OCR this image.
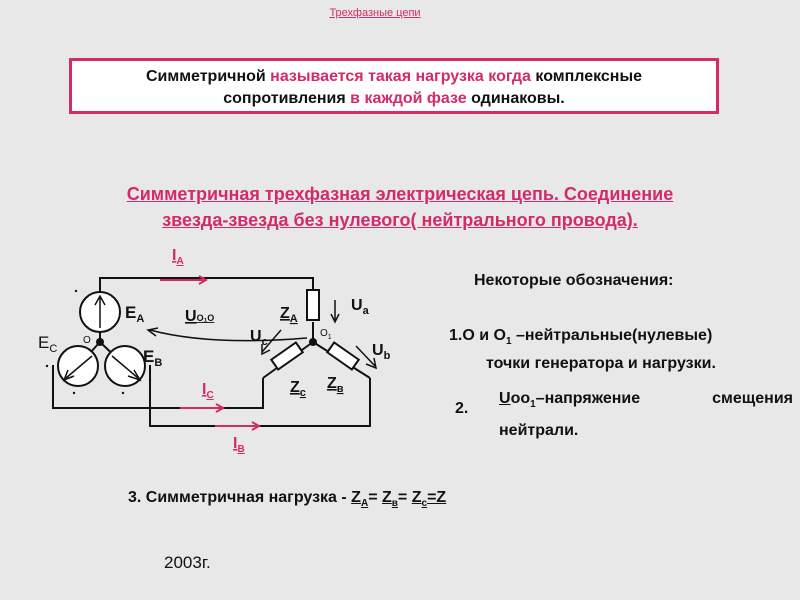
Трехфазные цепи
Симметричной называется такая нагрузка когда комплексные
сопротивления в каждой фазе одинаковы.
Симметричная трехфазная электрическая цепь. Соединение
звезда-звезда без нулевого( нейтрального провода).
$E_A$
$E_B$
$E_C$
$I_A$
$I_C$
$I_B$
UO₁O
$U_c$
$U_a$
$U_b$
$Z_A$
$Z_c$
$Z_в$
O
$O_1$
Некоторые обозначения:
1.O и $O_1$ –нейтральные(нулевые)
точки генератора и нагрузки.
2.
Uоо$_1$–напряжение смещения нейтрали.
3. Симметричная нагрузка - $Z_A= Z_в= Z_c=Z$
2003г.
